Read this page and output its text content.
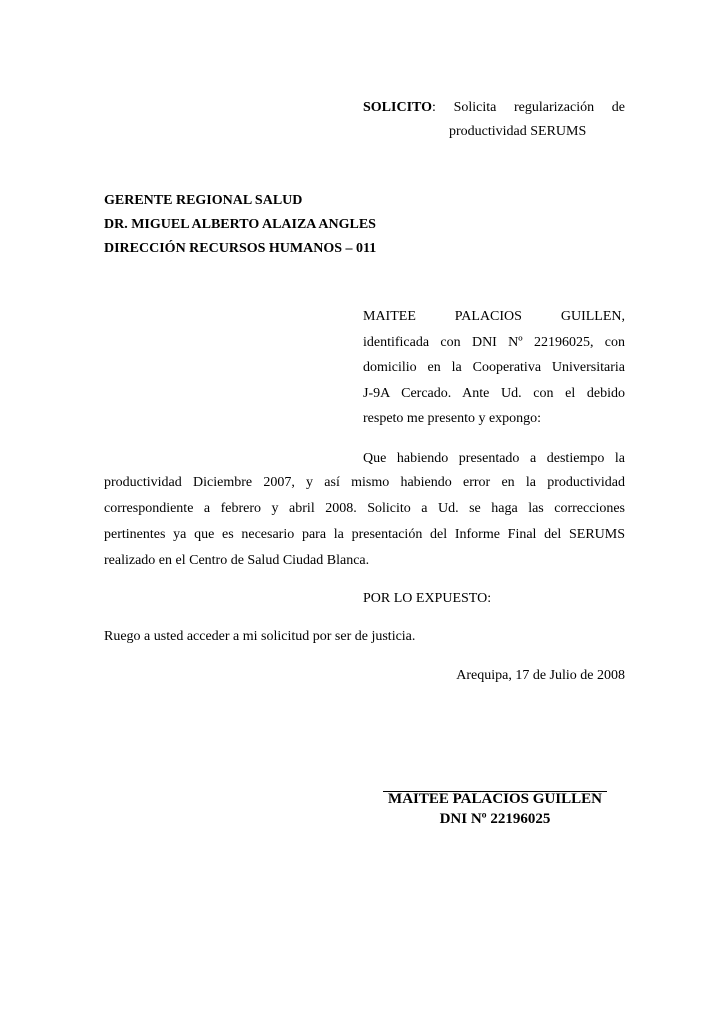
SOLICITO: Solicita regularización de
productividad SERUMS
GERENTE REGIONAL SALUD
DR. MIGUEL ALBERTO ALAIZA ANGLES
DIRECCIÓN RECURSOS HUMANOS – 011
MAITEE PALACIOS GUILLEN,
identificada con DNI Nº 22196025, con
domicilio en la Cooperativa Universitaria
J-9A Cercado. Ante Ud. con el debido
respeto me presento y expongo:
Que habiendo presentado a destiempo la
productividad Diciembre 2007, y así mismo habiendo error en la productividad
correspondiente a febrero y abril 2008. Solicito a Ud. se haga las correcciones
pertinentes ya que es necesario para la presentación del Informe Final del SERUMS
realizado en el Centro de Salud Ciudad Blanca.
POR LO EXPUESTO:
Ruego a usted acceder a mi solicitud por ser de justicia.
Arequipa, 17 de Julio de 2008
MAITEE PALACIOS GUILLEN
DNI Nº 22196025
